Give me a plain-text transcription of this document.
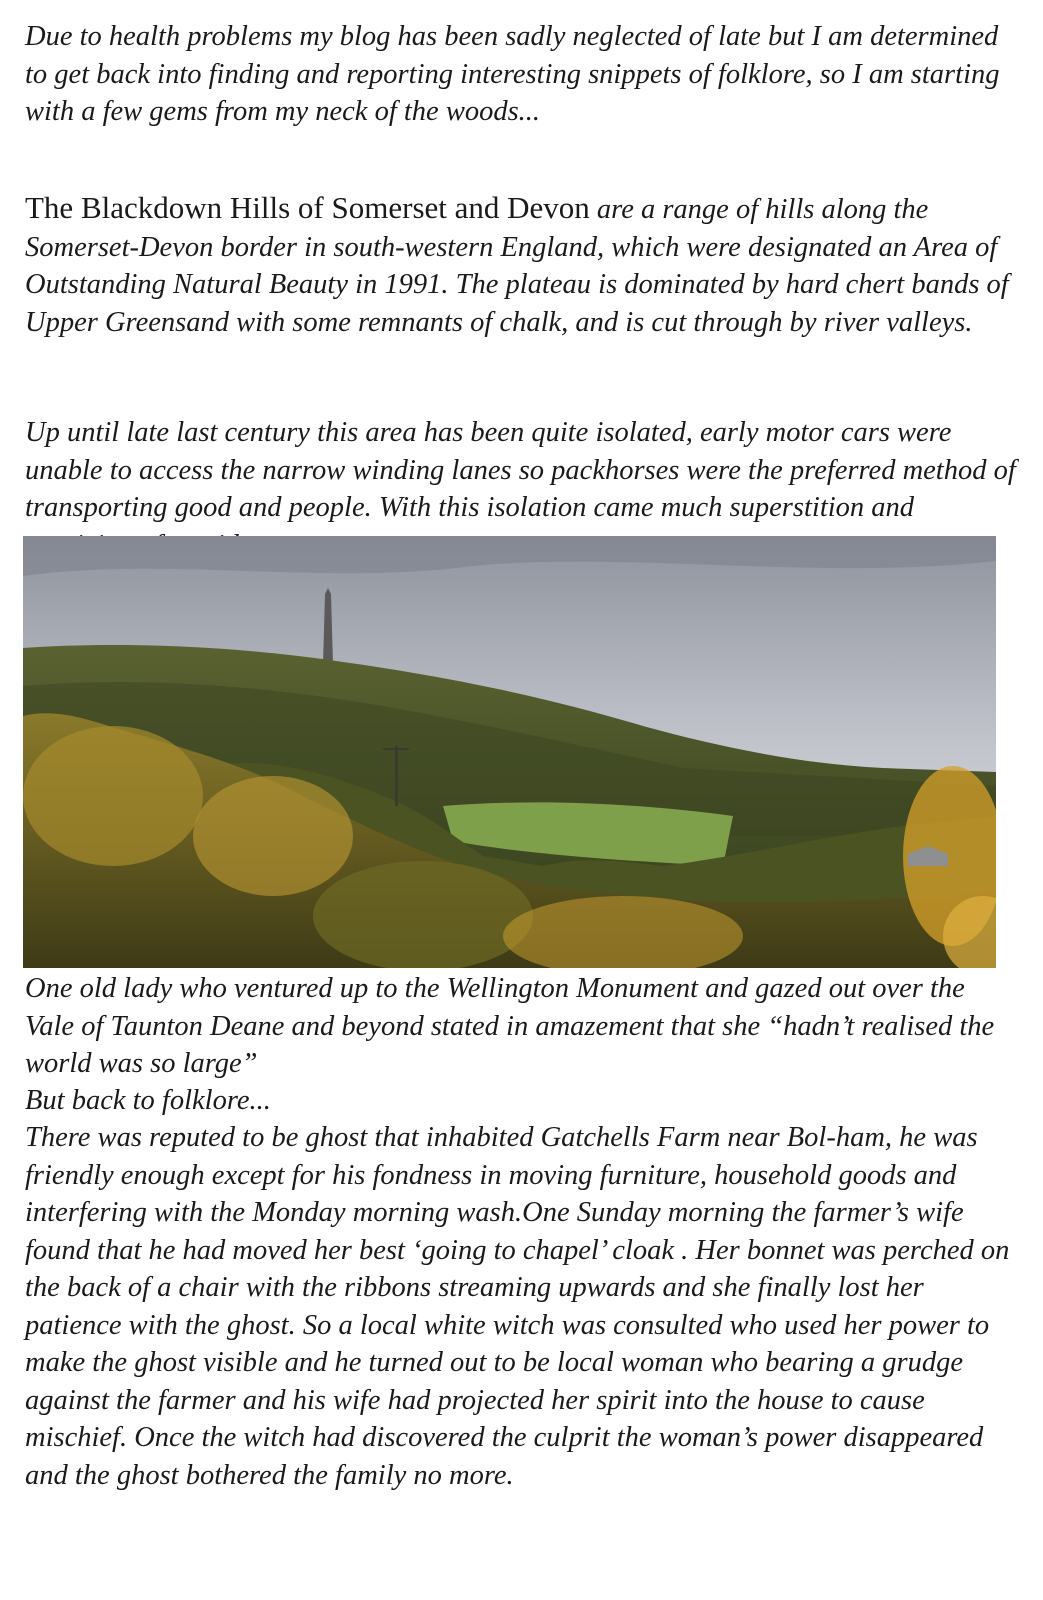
Due to health problems my blog has been sadly neglected of late but I am determined to get back into finding and reporting interesting snippets of folklore, so I am starting with a few gems from my neck of the woods...

The Blackdown Hills of Somerset and Devon are a range of hills along the Somerset-Devon border in south-western England, which were designated an Area of Outstanding Natural Beauty in 1991. The plateau is dominated by hard chert bands of Upper Greensand with some remnants of chalk, and is cut through by river valleys.

Up until late last century this area has been quite isolated, early motor cars were unable to access the narrow winding lanes so packhorses were the preferred method of transporting good and people. With this isolation came much superstition and

One old lady who ventured up to the Wellington Monument and gazed out over the Vale of Taunton Deane and beyond stated in amazement that she “hadn’t realised the world was so large”

But back to folklore...

There was reputed to be ghost that inhabited Gatchells Farm near Bol-ham, he was friendly enough except for his fondness in moving furniture, household goods and interfering with the Monday morning wash.One Sunday morning the farmer’s wife found that he had moved her best ‘going to chapel’ cloak . Her bonnet was perched on the back of a chair with the ribbons streaming upwards and she finally lost her patience with the ghost. So a local white witch was consulted who used her power to make the ghost visible and he turned out to be local woman who bearing a grudge against the farmer and his wife had projected her spirit into the house to cause mischief. Once the witch had discovered the culprit the woman’s power disappeared and the ghost bothered the family no more.
